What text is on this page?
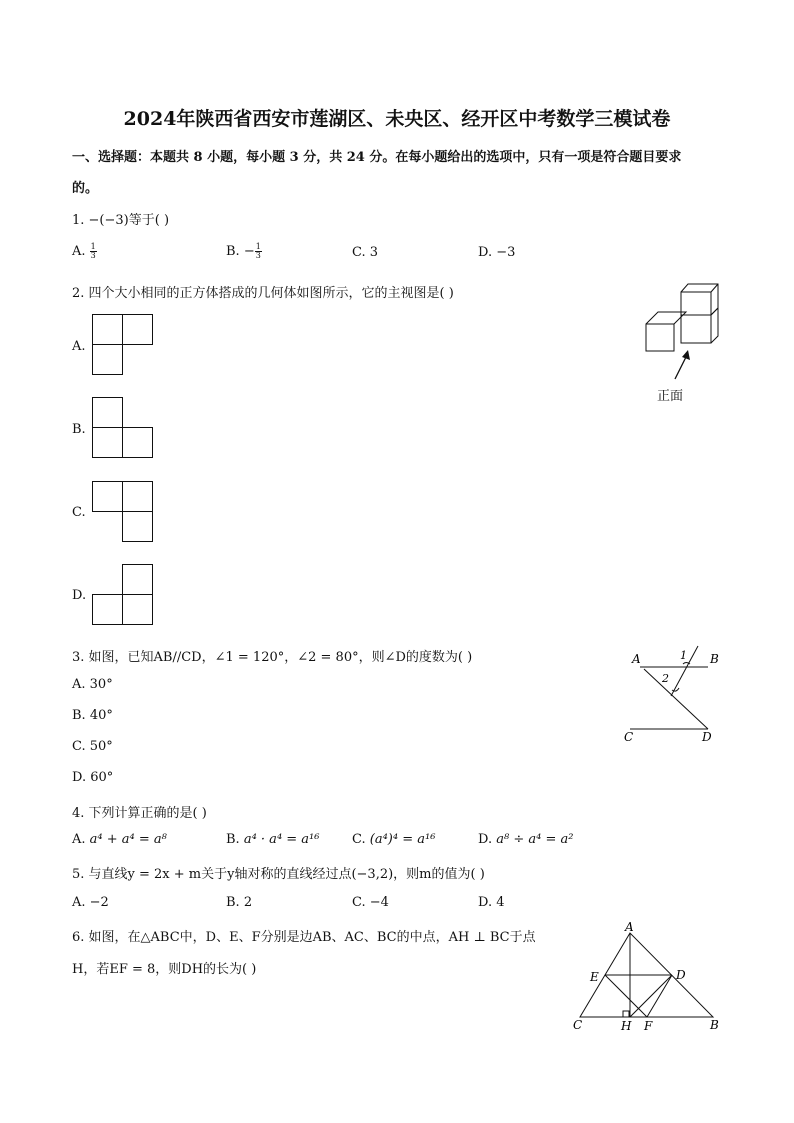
2024年陕西省西安市莲湖区、未央区、经开区中考数学三模试卷
一、选择题：本题共 8 小题，每小题 3 分，共 24 分。在每小题给出的选项中，只有一项是符合题目要求
的。
1. −(−3)等于( )
A. $\frac{1}{3}$	B. − $\frac{1}{3}$	C. 3	D. −3
2. 四个大小相同的正方体搭成的几何体如图所示，它的主视图是( )
A.
B.
C.
D.
正面
3. 如图，已知AB//CD，∠1 = 120°，∠2 = 80°，则∠D的度数为( )
A. 30°
B. 40°
C. 50°
D. 60°
A	B
C	D
1
2
4. 下列计算正确的是( )
A. a⁴ + a⁴ = a⁸	B. a⁴ · a⁴ = a¹⁶	C. (a⁴)⁴ = a¹⁶	D. a⁸ ÷ a⁴ = a²
5. 与直线y = 2x + m关于y轴对称的直线经过点(−3,2)，则m的值为( )
A. −2	B. 2	C. −4	D. 4
6. 如图，在△ABC中，D、E、F分别是边AB、AC、BC的中点，AH ⊥ BC于点
H，若EF = 8，则DH的长为( )
A
C	B
E	D
H F
